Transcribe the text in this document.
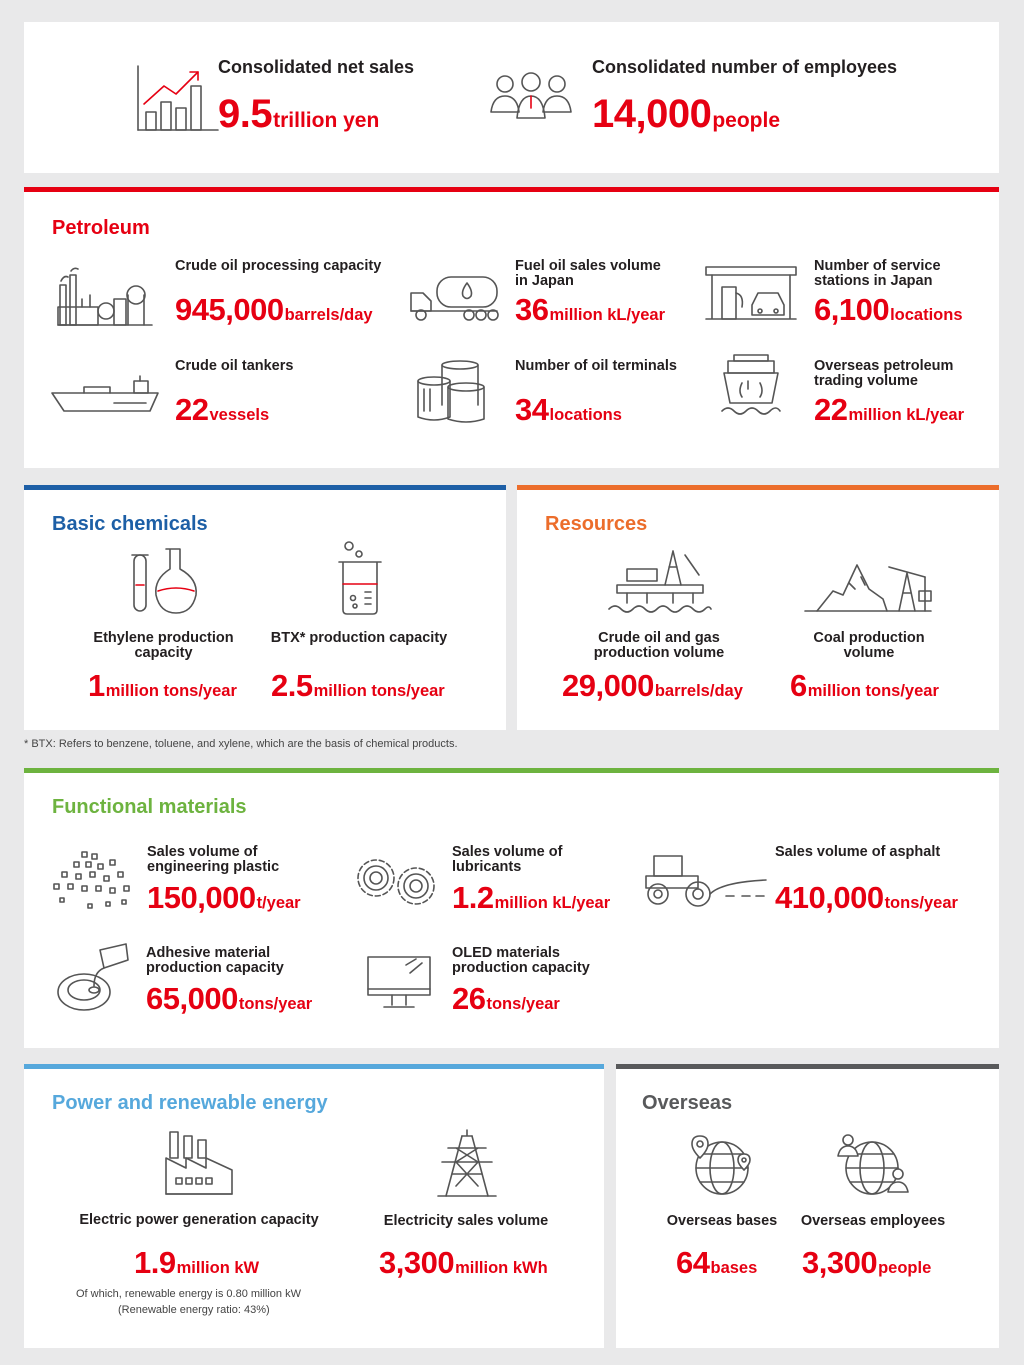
Consolidated net sales
9.5trillion yen
Consolidated number of employees
14,000people
Petroleum
Crude oil processing capacity
945,000barrels/day
Fuel oil sales volume in Japan
36million kL/year
Number of service stations in Japan
6,100locations
Crude oil tankers
22vessels
Number of oil terminals
34locations
Overseas petroleum trading volume
22million kL/year
Basic chemicals
Ethylene production capacity
1million tons/year
BTX* production capacity
2.5million tons/year
Resources
Crude oil and gas production volume
29,000barrels/day
Coal production volume
6million tons/year
* BTX: Refers to benzene, toluene, and xylene, which are the basis of chemical products.
Functional materials
Sales volume of engineering plastic
150,000t/year
Sales volume of lubricants
1.2million kL/year
Sales volume of asphalt
410,000tons/year
Adhesive material production capacity
65,000tons/year
OLED materials production capacity
26tons/year
Power and renewable energy
Electric power generation capacity
1.9million kW
Of which, renewable energy is 0.80 million kW
(Renewable energy ratio: 43%)
Electricity sales volume
3,300million kWh
Overseas
Overseas bases
64bases
Overseas employees
3,300people
